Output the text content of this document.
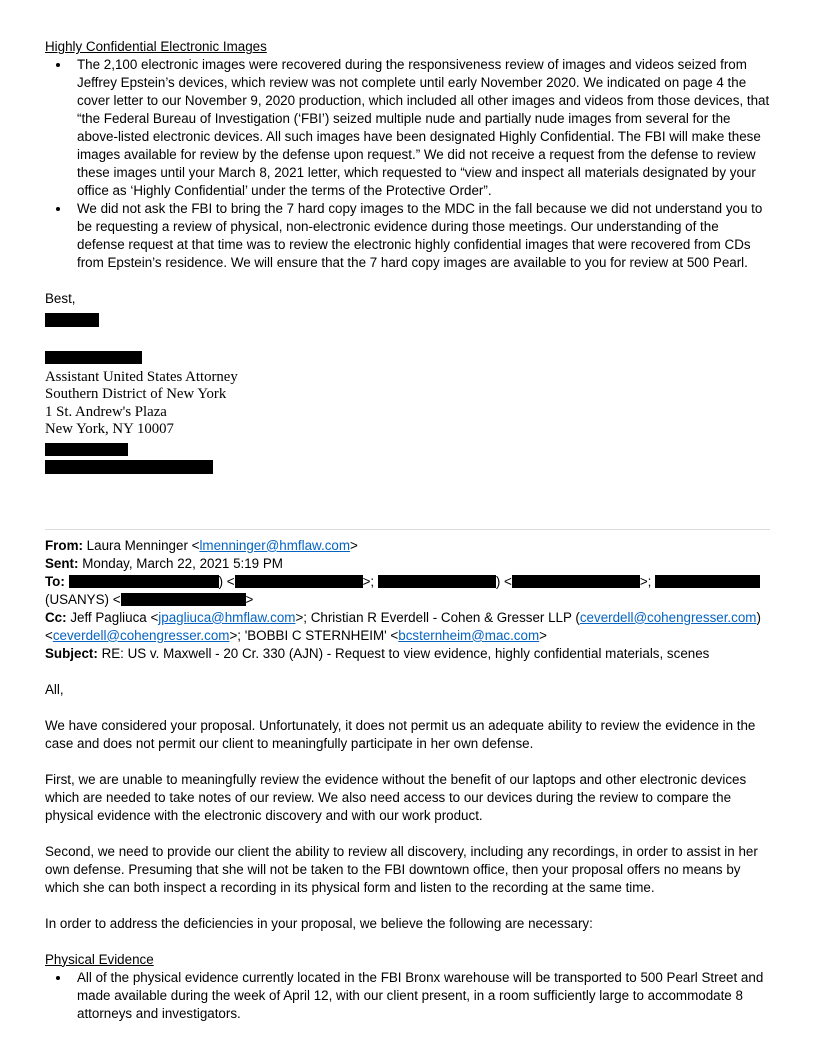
Highly Confidential Electronic Images
• The 2,100 electronic images were recovered during the responsiveness review of images and videos seized from Jeffrey Epstein’s devices, which review was not complete until early November 2020. We indicated on page 4 the cover letter to our November 9, 2020 production, which included all other images and videos from those devices, that “the Federal Bureau of Investigation (‘FBI’) seized multiple nude and partially nude images from several for the above-listed electronic devices. All such images have been designated Highly Confidential. The FBI will make these images available for review by the defense upon request.” We did not receive a request from the defense to review these images until your March 8, 2021 letter, which requested to “view and inspect all materials designated by your office as ‘Highly Confidential’ under the terms of the Protective Order”.
• We did not ask the FBI to bring the 7 hard copy images to the MDC in the fall because we did not understand you to be requesting a review of physical, non-electronic evidence during those meetings. Our understanding of the defense request at that time was to review the electronic highly confidential images that were recovered from CDs from Epstein’s residence. We will ensure that the 7 hard copy images are available to you for review at 500 Pearl.
Best,
Assistant United States Attorney
Southern District of New York
1 St. Andrew's Plaza
New York, NY 10007
From: Laura Menninger <lmenninger@hmflaw.com>
Sent: Monday, March 22, 2021 5:19 PM
To:	) <	>;	) <	>;
(USANYS) <	>
Cc: Jeff Pagliuca <jpagliuca@hmflaw.com>; Christian R Everdell - Cohen & Gresser LLP (ceverdell@cohengresser.com)
<ceverdell@cohengresser.com>; 'BOBBI C STERNHEIM' <bcsternheim@mac.com>
Subject: RE: US v. Maxwell - 20 Cr. 330 (AJN) - Request to view evidence, highly confidential materials, scenes
All,
We have considered your proposal. Unfortunately, it does not permit us an adequate ability to review the evidence in the case and does not permit our client to meaningfully participate in her own defense.
First, we are unable to meaningfully review the evidence without the benefit of our laptops and other electronic devices which are needed to take notes of our review. We also need access to our devices during the review to compare the physical evidence with the electronic discovery and with our work product.
Second, we need to provide our client the ability to review all discovery, including any recordings, in order to assist in her own defense. Presuming that she will not be taken to the FBI downtown office, then your proposal offers no means by which she can both inspect a recording in its physical form and listen to the recording at the same time.
In order to address the deficiencies in your proposal, we believe the following are necessary:
Physical Evidence
• All of the physical evidence currently located in the FBI Bronx warehouse will be transported to 500 Pearl Street and made available during the week of April 12, with our client present, in a room sufficiently large to accommodate 8 attorneys and investigators.
